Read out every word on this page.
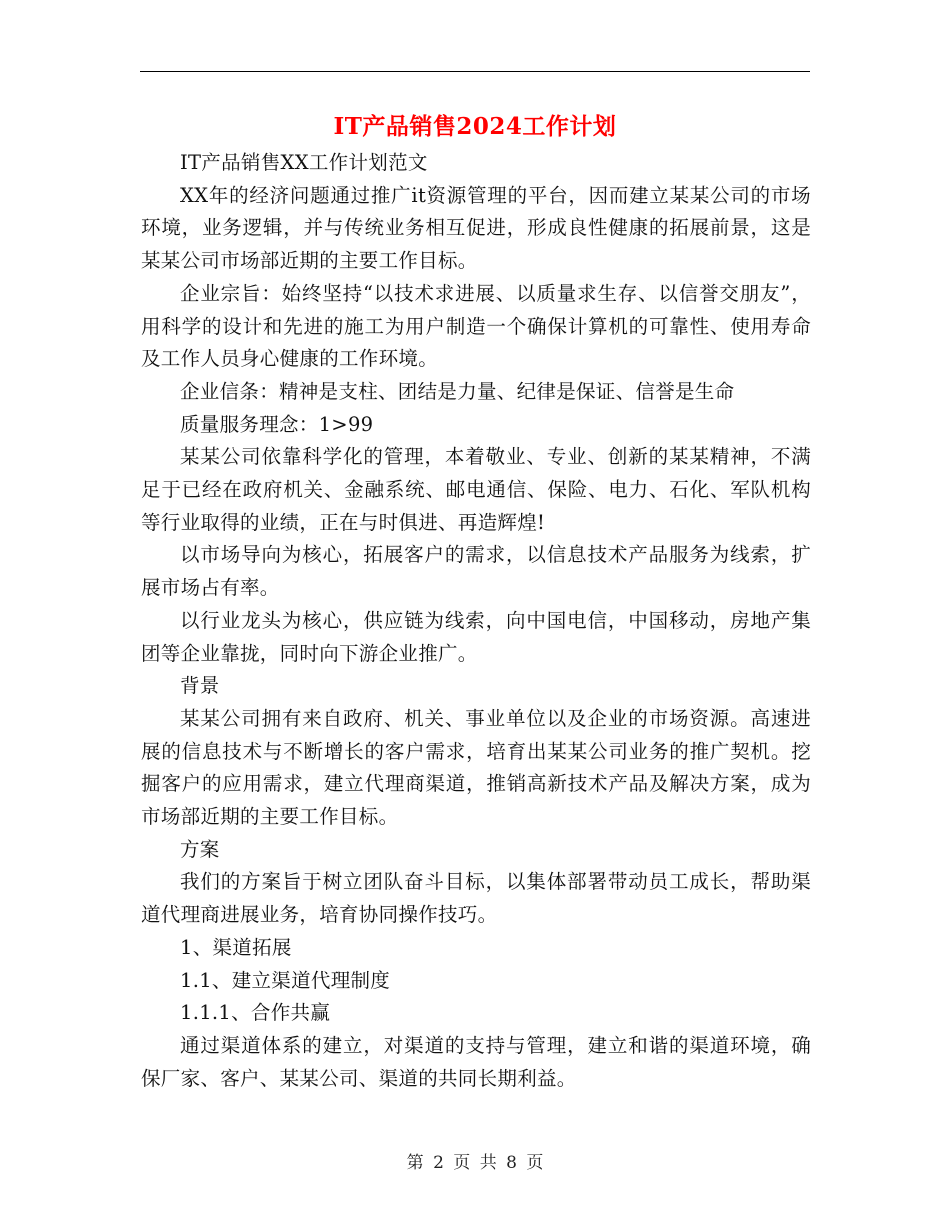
IT产品销售2024工作计划

IT产品销售XX工作计划范文

XX年的经济问题通过推广it资源管理的平台，因而建立某某公司的市场环境，业务逻辑，并与传统业务相互促进，形成良性健康的拓展前景，这是某某公司市场部近期的主要工作目标。

企业宗旨：始终坚持“以技术求进展、以质量求生存、以信誉交朋友”，用科学的设计和先进的施工为用户制造一个确保计算机的可靠性、使用寿命及工作人员身心健康的工作环境。

企业信条：精神是支柱、团结是力量、纪律是保证、信誉是生命

质量服务理念：1>99

某某公司依靠科学化的管理，本着敬业、专业、创新的某某精神，不满足于已经在政府机关、金融系统、邮电通信、保险、电力、石化、军队机构等行业取得的业绩，正在与时俱进、再造辉煌!

以市场导向为核心，拓展客户的需求，以信息技术产品服务为线索，扩展市场占有率。

以行业龙头为核心，供应链为线索，向中国电信，中国移动，房地产集团等企业靠拢，同时向下游企业推广。

背景

某某公司拥有来自政府、机关、事业单位以及企业的市场资源。高速进展的信息技术与不断增长的客户需求，培育出某某公司业务的推广契机。挖掘客户的应用需求，建立代理商渠道，推销高新技术产品及解决方案，成为市场部近期的主要工作目标。

方案

我们的方案旨于树立团队奋斗目标，以集体部署带动员工成长，帮助渠道代理商进展业务，培育协同操作技巧。

1、渠道拓展

1.1、建立渠道代理制度

1.1.1、合作共赢

通过渠道体系的建立，对渠道的支持与管理，建立和谐的渠道环境，确保厂家、客户、某某公司、渠道的共同长期利益。

第 2 页 共 8 页
